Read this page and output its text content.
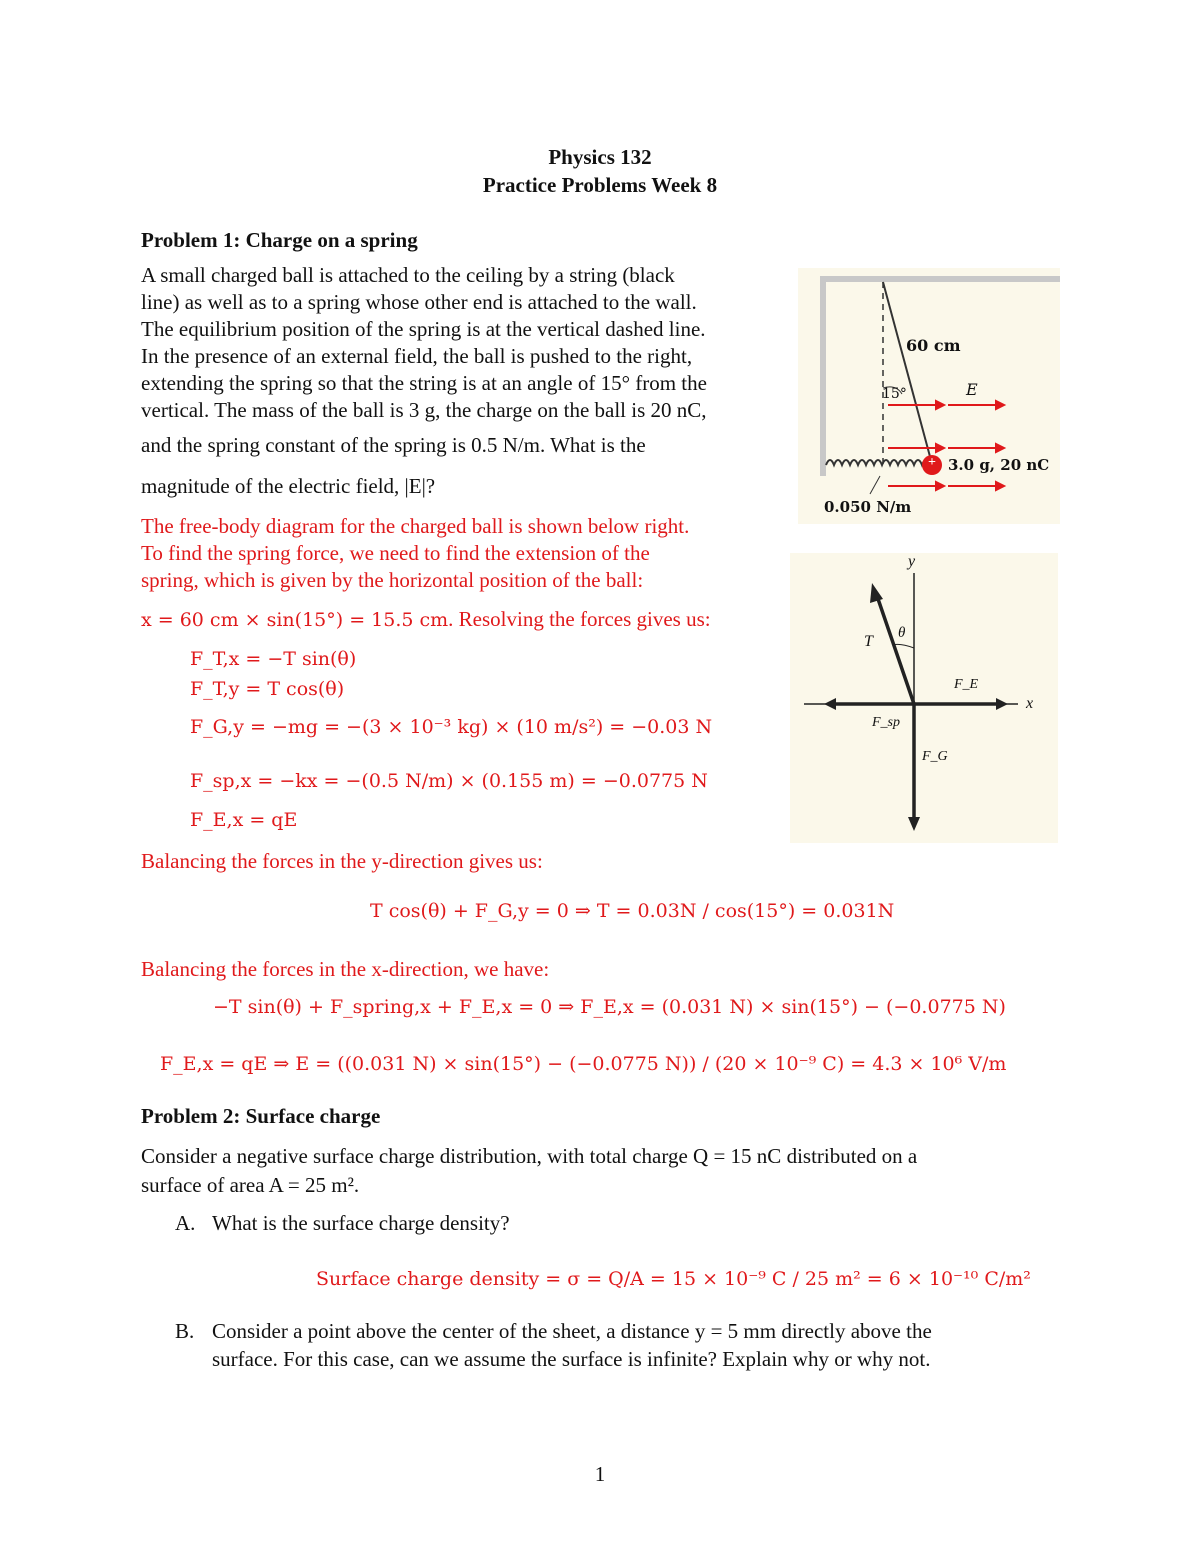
Physics 132
Practice Problems Week 8
Problem 1: Charge on a spring
A small charged ball is attached to the ceiling by a string (black
line) as well as to a spring whose other end is attached to the wall.
The equilibrium position of the spring is at the vertical dashed line.
In the presence of an external field, the ball is pushed to the right,
extending the spring so that the string is at an angle of 15° from the
vertical. The mass of the ball is 3 g, the charge on the ball is 20 nC,
and the spring constant of the spring is 0.5 N/m. What is the
magnitude of the electric field, |E|?
The free-body diagram for the charged ball is shown below right.
To find the spring force, we need to find the extension of the
spring, which is given by the horizontal position of the ball:
x = 60 cm × sin(15°) = 15.5 cm. Resolving the forces gives us:
F_T,x = −T sin(θ)
F_T,y = T cos(θ)
F_G,y = −mg = −(3 × 10⁻³ kg) × (10 m/s²) = −0.03 N
F_sp,x = −kx = −(0.5 N/m) × (0.155 m) = −0.0775 N
F_E,x = qE
Balancing the forces in the y-direction gives us:
T cos(θ) + F_G,y = 0 ⇒ T = 0.03N / cos(15°) = 0.031N
Balancing the forces in the x-direction, we have:
−T sin(θ) + F_spring,x + F_E,x = 0 ⇒ F_E,x = (0.031 N) × sin(15°) − (−0.0775 N)
F_E,x = qE ⇒ E = ((0.031 N) × sin(15°) − (−0.0775 N)) / (20 × 10⁻⁹ C) = 4.3 × 10⁶ V/m
15°
60 cm
E
+ 3.0 g, 20 nC
0.050 N/m
x
y
T θ
F_E
F_sp
F_G
Problem 2: Surface charge
Consider a negative surface charge distribution, with total charge Q = 15 nC distributed on a
surface of area A = 25 m².
A. What is the surface charge density?
Surface charge density = σ = Q/A = 15 × 10⁻⁹ C / 25 m² = 6 × 10⁻¹⁰ C/m²
B. Consider a point above the center of the sheet, a distance y = 5 mm directly above the
surface. For this case, can we assume the surface is infinite? Explain why or why not.
1
